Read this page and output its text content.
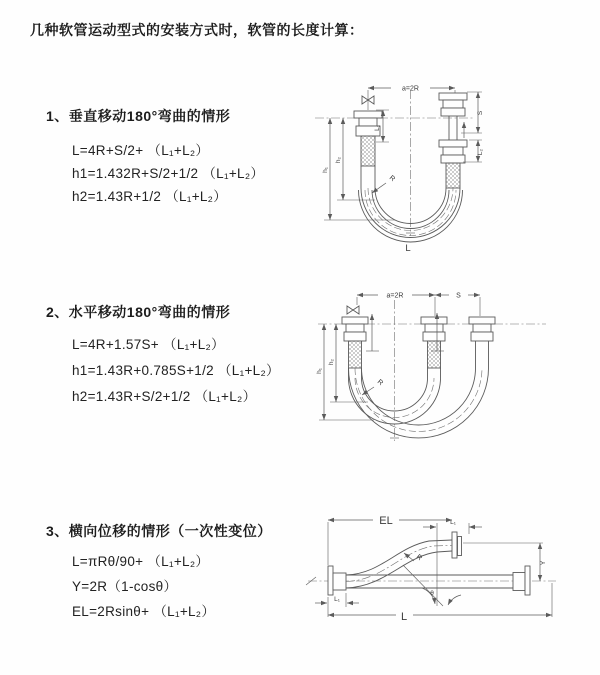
几种软管运动型式的安装方式时，软管的长度计算：
1、垂直移动180°弯曲的情形
L=4R+S/2+ （L₁+L₂）
h1=1.432R+S/2+1/2 （L₁+L₂）
h2=1.43R+1/2 （L₁+L₂）
a=2R
L₁
S
L₂
h₂
h₁
R
L
2、水平移动180°弯曲的情形
L=4R+1.57S+ （L₁+L₂）
h1=1.43R+0.785S+1/2 （L₁+L₂）
h2=1.43R+S/2+1/2 （L₁+L₂）
a=2R	S
h₁
h₂
R
3、横向位移的情形（一次性变位）
L=πRθ/90+ （L₁+L₂）
Y=2R（1-cosθ）
EL=2Rsinθ+ （L₁+L₂）
EL	L₁
Y
R
θ
L
L₁
